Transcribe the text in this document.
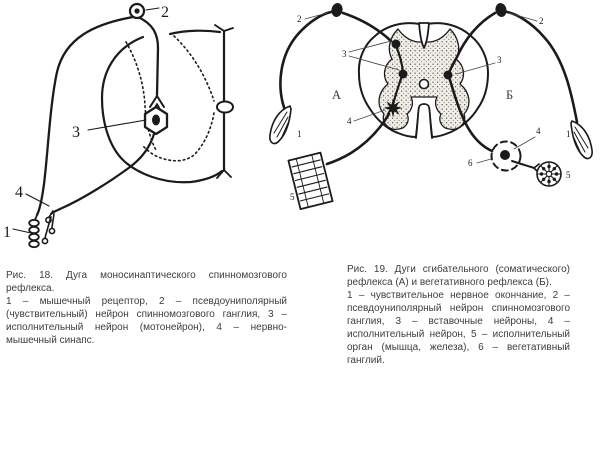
2
3
4
1
2	2
3
3
4
4
1	1
5
5
6
А	Б
Рис. 18. Дуга моносинаптического спинномозгового рефлекса.
1 – мышечный рецептор, 2 – псевдоуниполярный (чувствительный) нейрон спинномозгового ганглия, 3 – исполнительный нейрон (мотонейрон), 4 – нервно-мышечный синапс.
Рис. 19. Дуги сгибательного (соматического) рефлекса (А) и вегетативного рефлекса (Б).
1 – чувствительное нервное окончание, 2 – псевдоуниполярный нейрон спинномозгового ганглия, 3 – вставочные нейроны, 4 – исполнительный нейрон, 5 – исполнительный орган (мышца, железа), 6 – вегетативный ганглий.
